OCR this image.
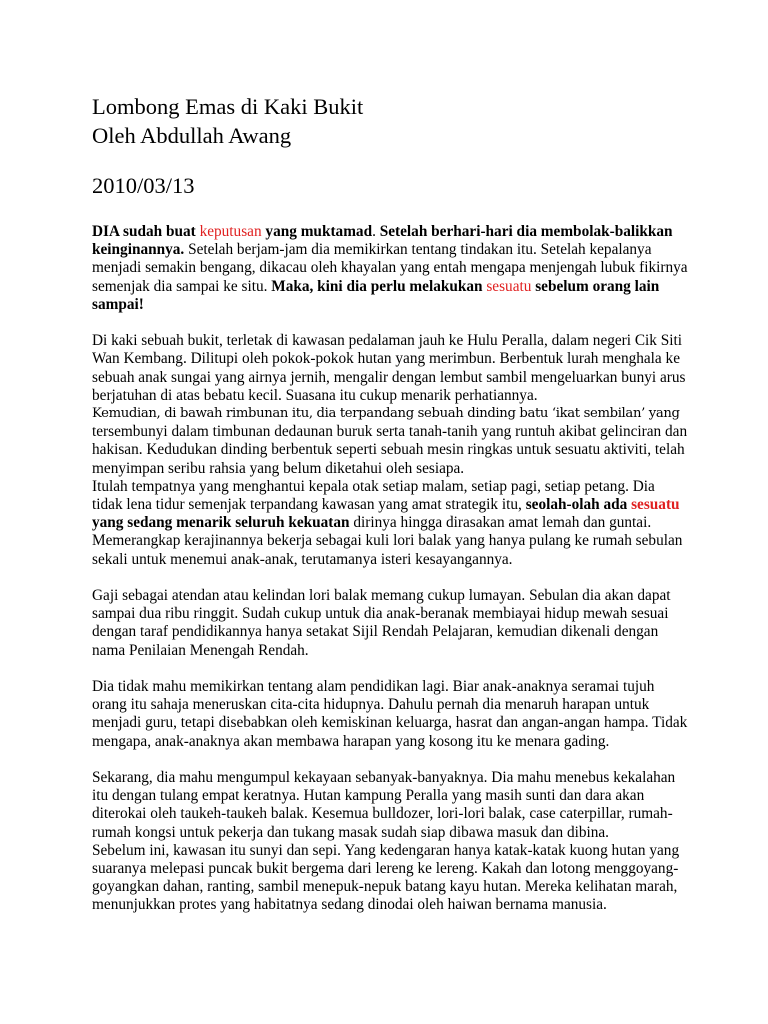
Lombong Emas di Kaki Bukit
Oleh Abdullah Awang
2010/03/13

DIA sudah buat keputusan yang muktamad. Setelah berhari-hari dia membolak-balikkan
keinginannya. Setelah berjam-jam dia memikirkan tentang tindakan itu. Setelah kepalanya
menjadi semakin bengang, dikacau oleh khayalan yang entah mengapa menjengah lubuk fikirnya
semenjak dia sampai ke situ. Maka, kini dia perlu melakukan sesuatu sebelum orang lain
sampai!

Di kaki sebuah bukit, terletak di kawasan pedalaman jauh ke Hulu Peralla, dalam negeri Cik Siti
Wan Kembang. Dilitupi oleh pokok-pokok hutan yang merimbun. Berbentuk lurah menghala ke
sebuah anak sungai yang airnya jernih, mengalir dengan lembut sambil mengeluarkan bunyi arus
berjatuhan di atas bebatu kecil. Suasana itu cukup menarik perhatiannya.
Kemudian, di bawah rimbunan itu, dia terpandang sebuah dinding batu ‘ikat sembilan’ yang
tersembunyi dalam timbunan dedaunan buruk serta tanah-tanih yang runtuh akibat gelinciran dan
hakisan. Kedudukan dinding berbentuk seperti sebuah mesin ringkas untuk sesuatu aktiviti, telah
menyimpan seribu rahsia yang belum diketahui oleh sesiapa.
Itulah tempatnya yang menghantui kepala otak setiap malam, setiap pagi, setiap petang. Dia
tidak lena tidur semenjak terpandang kawasan yang amat strategik itu, seolah-olah ada sesuatu
yang sedang menarik seluruh kekuatan dirinya hingga dirasakan amat lemah dan guntai.
Memerangkap kerajinannya bekerja sebagai kuli lori balak yang hanya pulang ke rumah sebulan
sekali untuk menemui anak-anak, terutamanya isteri kesayangannya.

Gaji sebagai atendan atau kelindan lori balak memang cukup lumayan. Sebulan dia akan dapat
sampai dua ribu ringgit. Sudah cukup untuk dia anak-beranak membiayai hidup mewah sesuai
dengan taraf pendidikannya hanya setakat Sijil Rendah Pelajaran, kemudian dikenali dengan
nama Penilaian Menengah Rendah.

Dia tidak mahu memikirkan tentang alam pendidikan lagi. Biar anak-anaknya seramai tujuh
orang itu sahaja meneruskan cita-cita hidupnya. Dahulu pernah dia menaruh harapan untuk
menjadi guru, tetapi disebabkan oleh kemiskinan keluarga, hasrat dan angan-angan hampa. Tidak
mengapa, anak-anaknya akan membawa harapan yang kosong itu ke menara gading.

Sekarang, dia mahu mengumpul kekayaan sebanyak-banyaknya. Dia mahu menebus kekalahan
itu dengan tulang empat keratnya. Hutan kampung Peralla yang masih sunti dan dara akan
diterokai oleh taukeh-taukeh balak. Kesemua bulldozer, lori-lori balak, case caterpillar, rumah-
rumah kongsi untuk pekerja dan tukang masak sudah siap dibawa masuk dan dibina.
Sebelum ini, kawasan itu sunyi dan sepi. Yang kedengaran hanya katak-katak kuong hutan yang
suaranya melepasi puncak bukit bergema dari lereng ke lereng. Kakah dan lotong menggoyang-
goyangkan dahan, ranting, sambil menepuk-nepuk batang kayu hutan. Mereka kelihatan marah,
menunjukkan protes yang habitatnya sedang dinodai oleh haiwan bernama manusia.
